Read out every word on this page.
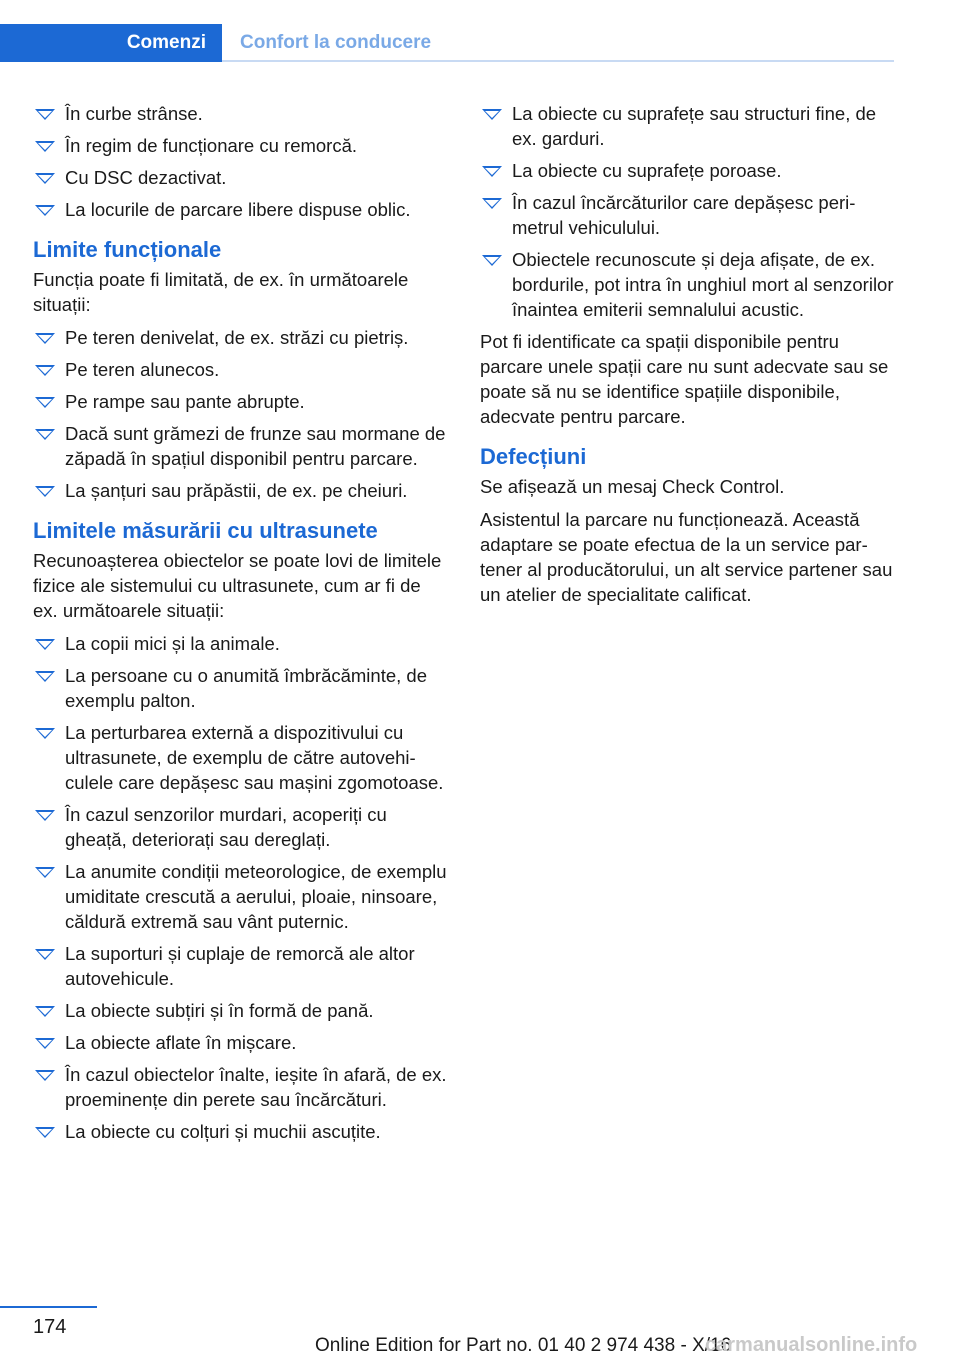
Comenzi	Confort la conducere
În curbe strânse.
În regim de funcționare cu remorcă.
Cu DSC dezactivat.
La locurile de parcare libere dispuse oblic.
Limite funcționale

Funcția poate fi limitată, de ex. în următoarele situații:

Pe teren denivelat, de ex. străzi cu pietriș.
Pe teren alunecos.
Pe rampe sau pante abrupte.
Dacă sunt grămezi de frunze sau mormane de zăpadă în spațiul disponibil pentru parcare.
La șanțuri sau prăpăstii, de ex. pe cheiuri.
Limitele măsurării cu ultrasunete

Recunoașterea obiectelor se poate lovi de limitele fizice ale sistemului cu ultrasunete, cum ar fi de ex. următoarele situații:

La copii mici și la animale.
La persoane cu o anumită îmbrăcăminte, de exemplu palton.
La perturbarea externă a dispozitivului cu ultrasunete, de exemplu de către autovehiculele care depășesc sau mașini zgomotoase.
În cazul senzorilor murdari, acoperiți cu gheață, deteriorați sau dereglați.
La anumite condiții meteorologice, de exemplu umiditate crescută a aerului, ploaie, ninsoare, căldură extremă sau vânt puternic.
La suporturi și cuplaje de remorcă ale altor autovehicule.
La obiecte subțiri și în formă de pană.
La obiecte aflate în mișcare.
În cazul obiectelor înalte, ieșite în afară, de ex. proeminențe din perete sau încărcături.
La obiecte cu colțuri și muchii ascuțite.
La obiecte cu suprafețe sau structuri fine, de ex. garduri.
La obiecte cu suprafețe poroase.
În cazul încărcăturilor care depășesc perimetrul vehiculului.
Obiectele recunoscute și deja afișate, de ex. bordurile, pot intra în unghiul mort al senzorilor înaintea emiterii semnalului acustic.

Pot fi identificate ca spații disponibile pentru parcare unele spații care nu sunt adecvate sau se poate să nu se identifice spațiile disponibile, adecvate pentru parcare.

Defecțiuni

Se afișează un mesaj Check Control.

Asistentul la parcare nu funcționează. Această adaptare se poate efectua de la un service partener al producătorului, un alt service partener sau un atelier de specialitate calificat.

174
Online Edition for Part no. 01 40 2 974 438 - X/16
carmanualsonline.info
